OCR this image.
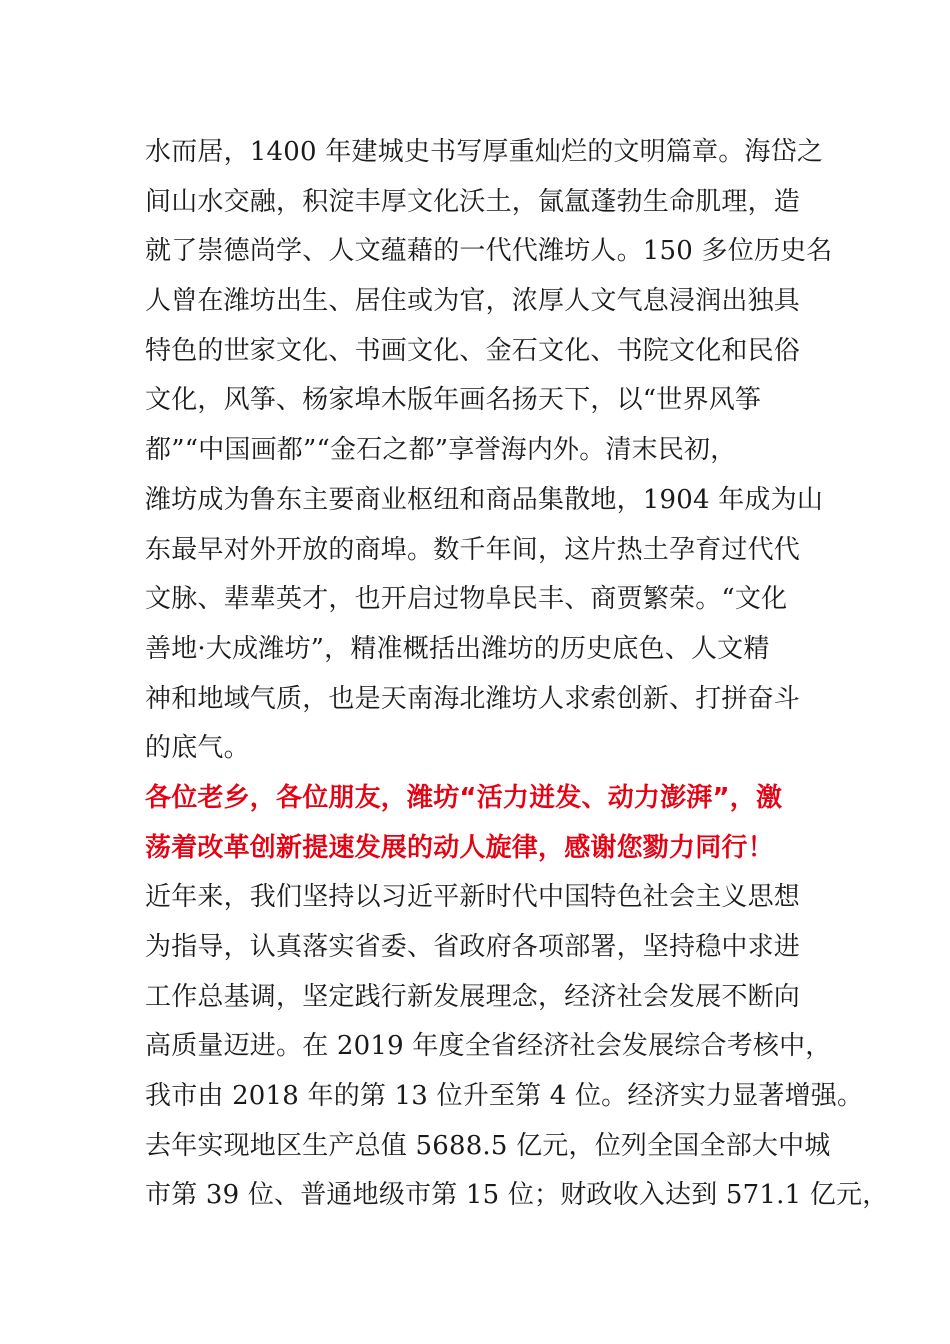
水而居，1400 年建城史书写厚重灿烂的文明篇章。海岱之
间山水交融，积淀丰厚文化沃土，氤氲蓬勃生命肌理，造
就了崇德尚学、人文蕴藉的一代代潍坊人。150 多位历史名
人曾在潍坊出生、居住或为官，浓厚人文气息浸润出独具
特色的世家文化、书画文化、金石文化、书院文化和民俗
文化，风筝、杨家埠木版年画名扬天下，以“世界风筝
都”“中国画都”“金石之都”享誉海内外。清末民初，
潍坊成为鲁东主要商业枢纽和商品集散地，1904 年成为山
东最早对外开放的商埠。数千年间，这片热土孕育过代代
文脉、辈辈英才，也开启过物阜民丰、商贾繁荣。“文化
善地·大成潍坊”，精准概括出潍坊的历史底色、人文精
神和地域气质，也是天南海北潍坊人求索创新、打拼奋斗
的底气。
各位老乡，各位朋友，潍坊“活力迸发、动力澎湃”，激
荡着改革创新提速发展的动人旋律，感谢您勠力同行！
近年来，我们坚持以习近平新时代中国特色社会主义思想
为指导，认真落实省委、省政府各项部署，坚持稳中求进
工作总基调，坚定践行新发展理念，经济社会发展不断向
高质量迈进。在 2019 年度全省经济社会发展综合考核中，
我市由 2018 年的第 13 位升至第 4 位。经济实力显著增强。
去年实现地区生产总值 5688.5 亿元，位列全国全部大中城
市第 39 位、普通地级市第 15 位；财政收入达到 571.1 亿元，
